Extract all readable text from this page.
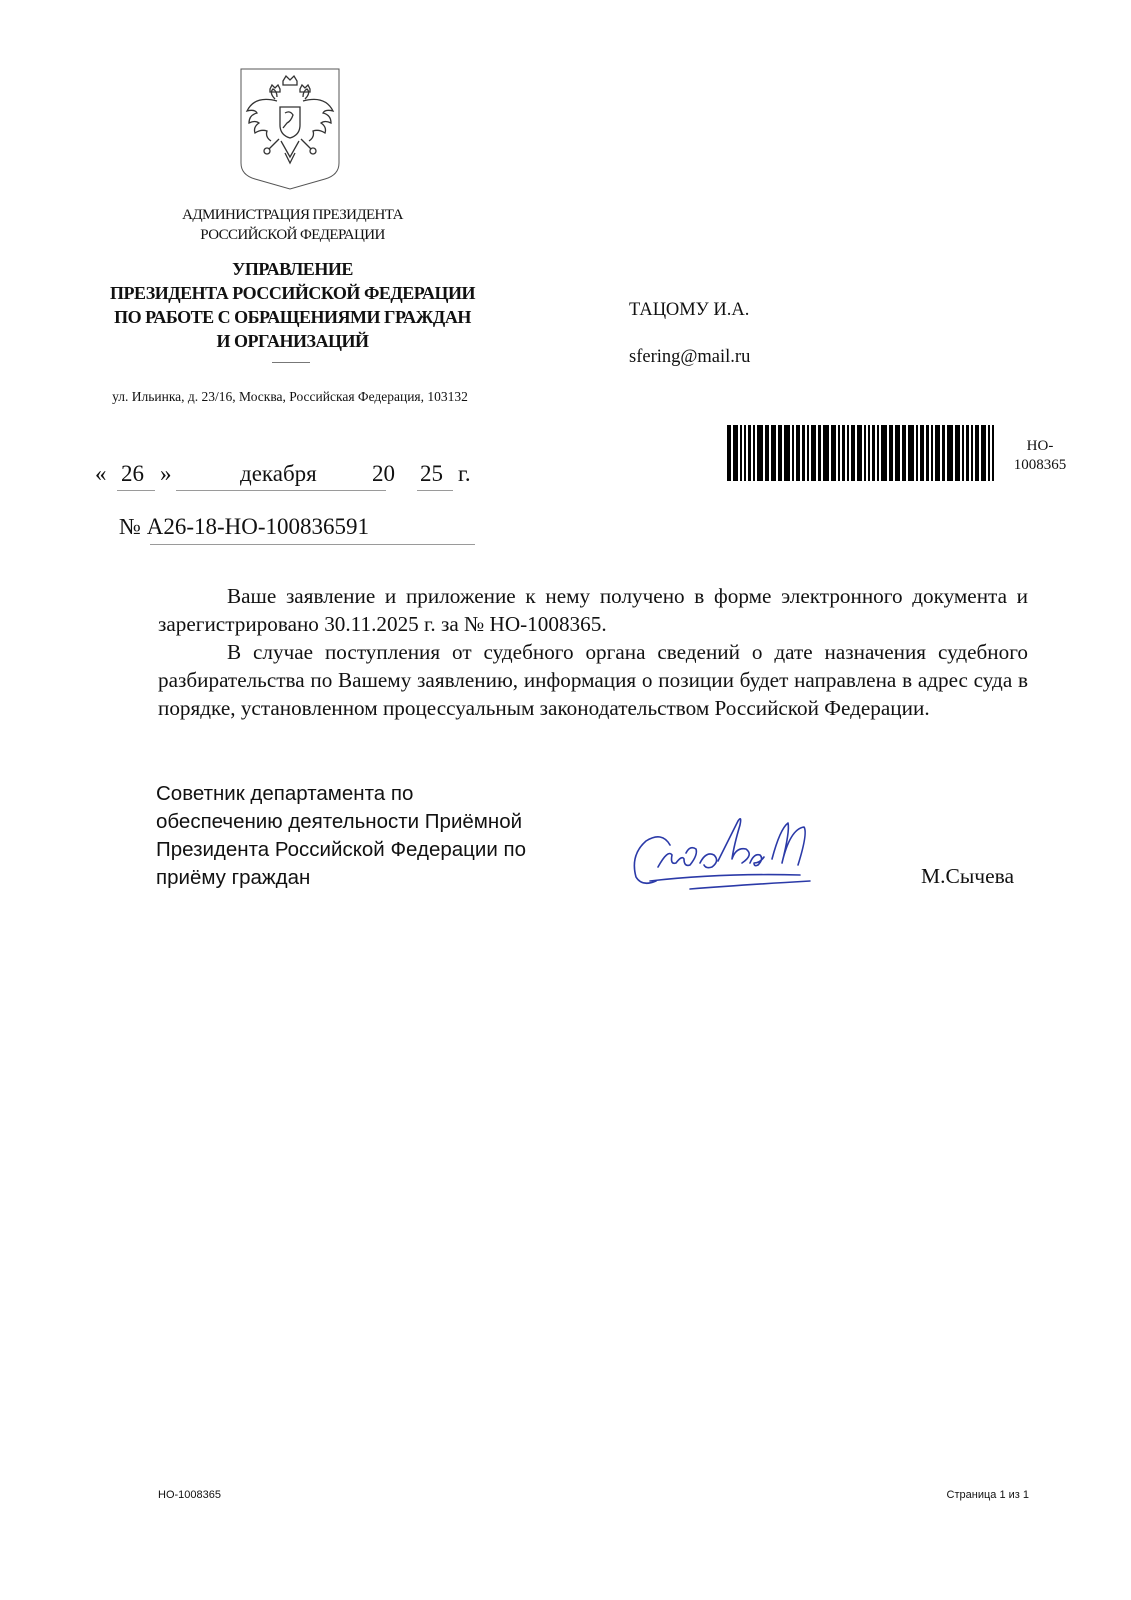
АДМИНИСТРАЦИЯ ПРЕЗИДЕНТА
РОССИЙСКОЙ ФЕДЕРАЦИИ
УПРАВЛЕНИЕ
ПРЕЗИДЕНТА РОССИЙСКОЙ ФЕДЕРАЦИИ
ПО РАБОТЕ С ОБРАЩЕНИЯМИ ГРАЖДАН
И ОРГАНИЗАЦИЙ
ул. Ильинка, д. 23/16, Москва, Российская Федерация, 103132
« 26 »	декабря 20 25 г.
№ А26-18-НО-100836591
ТАЦОМУ И.А.
sfering@mail.ru
НО-
1008365

Ваше заявление и приложение к нему получено в форме электронного документа и зарегистрировано 30.11.2025 г. за № НО-1008365.

В случае поступления от судебного органа сведений о дате назначения судебного разбирательства по Вашему заявлению, информация о позиции будет направлена в адрес суда в порядке, установленном процессуальным законодательством Российской Федерации.

Советник департамента по
обеспечению деятельности Приёмной
Президента Российской Федерации по
приёму граждан	М.Сычева
НО-1008365	Страница 1 из 1
